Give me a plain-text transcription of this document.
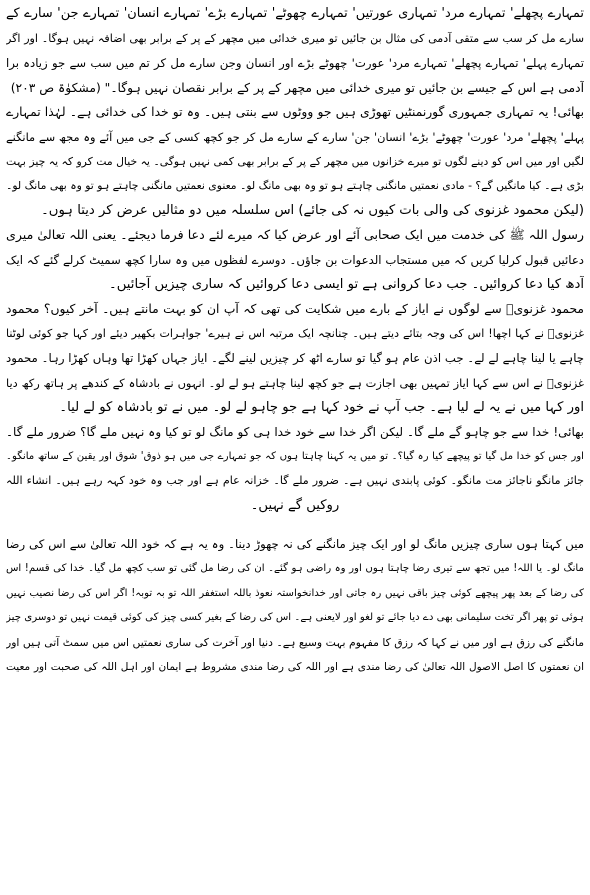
تمہارے پچھلے' تمہارے مرد' تمہاری عورتیں' تمہارے چھوٹے' تمہارے بڑے' تمہارے انسان' تمہارے جن' سارے کے
سارے مل کر سب سے متقی آدمی کی مثال بن جائیں تو میری خدائی میں مچھر کے پر کے برابر بھی اضافہ نہیں ہوگا۔ اور اگر
تمہارے پہلے' تمہارے پچھلے' تمہارے مرد' عورت' چھوٹے بڑے اور انسان وجن سارے مل کر تم میں سب سے جو زیادہ برا
آدمی ہے اس کے جیسے بن جائیں تو میری خدائی میں مچھر کے پر کے برابر نقصان نہیں ہوگا۔" (مشکوٰۃ ص ۲۰۳)
بھائی! یہ تمہاری جمہوری گورنمنٹیں تھوڑی ہیں جو ووٹوں سے بنتی ہیں۔ وہ تو خدا کی خدائی ہے۔ لہٰذا تمہارے
پہلے' پچھلے' مرد' عورت' چھوٹے' بڑے' انسان' جن' سارے کے سارے مل کر جو کچھ کسی کے جی میں آئے وہ مجھ سے مانگنے
لگیں اور میں اس کو دینے لگوں تو میرے خزانوں میں مچھر کے پر کے برابر بھی کمی نہیں ہوگی۔ یہ خیال مت کرو کہ یہ چیز بہت
بڑی ہے۔ کیا مانگیں گے؟ - مادی نعمتیں مانگنی چاہتے ہو تو وہ بھی مانگ لو۔ معنوی نعمتیں مانگنی چاہتے ہو تو وہ بھی مانگ لو۔
(لیکن محمود غزنوی کی والی بات کیوں نہ کی جائے) اس سلسلہ میں دو مثالیں عرض کر دیتا ہوں۔
رسول اللہ ﷺ کی خدمت میں ایک صحابی آئے اور عرض کیا کہ میرے لئے دعا فرما دیجئے۔ یعنی اللہ تعالیٰ میری
دعائیں قبول کرلیا کریں کہ میں مستجاب الدعوات بن جاؤں۔ دوسرے لفظوں میں وہ سارا کچھ سمیٹ کرلے گئے کہ ایک
آدھ کیا دعا کروائیں۔ جب دعا کروانی ہے تو ایسی دعا کروائیں کہ ساری چیزیں آجائیں۔
محمود غزنویؒ سے لوگوں نے ایاز کے بارے میں شکایت کی تھی کہ آپ ان کو بہت مانتے ہیں۔ آخر کیوں؟ محمود
غزنویؒ نے کہا اچھا! اس کی وجہ بتائے دیتے ہیں۔ چنانچہ ایک مرتبہ اس نے ہیرے' جواہرات بکھیر دیئے اور کہا جو کوئی لوٹنا
چاہے یا لینا چاہے لے لے۔ جب اذن عام ہو گیا تو سارے اٹھ کر چیزیں لینے لگے۔ ایاز جہاں کھڑا تھا وہاں کھڑا رہا۔ محمود
غزنویؒ نے اس سے کہا ایاز تمہیں بھی اجازت ہے جو کچھ لینا چاہتے ہو لے لو۔ انہوں نے بادشاہ کے کندھے پر ہاتھ رکھ دیا
اور کہا میں نے یہ لے لیا ہے۔ جب آپ نے خود کہا ہے جو چاہو لے لو۔ میں نے تو بادشاہ کو لے لیا۔
بھائی! خدا سے جو چاہو گے ملے گا۔ لیکن اگر خدا سے خود خدا ہی کو مانگ لو تو کیا وہ نہیں ملے گا؟ ضرور ملے گا۔
اور جس کو خدا مل گیا تو پیچھے کیا رہ گیا؟۔ تو میں یہ کہنا چاہتا ہوں کہ جو تمہارے جی میں ہو ذوق' شوق اور یقین کے ساتھ مانگو۔
جائز مانگو ناجائز مت مانگو۔ کوئی پابندی نہیں ہے۔ ضرور ملے گا۔ خزانہ عام ہے اور جب وہ خود کہہ رہے ہیں۔ انشاء اللہ
روکیں گے نہیں۔
میں کہتا ہوں ساری چیزیں مانگ لو اور ایک چیز مانگنے کی نہ چھوڑ دینا۔ وہ یہ ہے کہ خود اللہ تعالیٰ سے اس کی رضا
مانگ لو۔ یا اللہ! میں تجھ سے تیری رضا چاہتا ہوں اور وہ راضی ہو گئے۔ ان کی رضا مل گئی تو سب کچھ مل گیا۔ خدا کی قسم! اس
کی رضا کے بعد پھر پیچھے کوئی چیز باقی نہیں رہ جاتی اور خدانخواستہ نعوذ باللہ استغفر اللہ تو بہ توبہ! اگر اس کی رضا نصیب نہیں
ہوئی تو پھر اگر تخت سلیمانی بھی دے دیا جائے تو لغو اور لایعنی ہے۔ اس کی رضا کے بغیر کسی چیز کی کوئی قیمت نہیں تو دوسری چیز
مانگنے کی رزق ہے اور میں نے کہا کہ رزق کا مفہوم بہت وسیع ہے۔ دنیا اور آخرت کی ساری نعمتیں اس میں سمٹ آتی ہیں اور
ان نعمتوں کا اصل الاصول اللہ تعالیٰ کی رضا مندی ہے اور اللہ کی رضا مندی مشروط ہے ایمان اور اہل اللہ کی صحبت اور معیت
